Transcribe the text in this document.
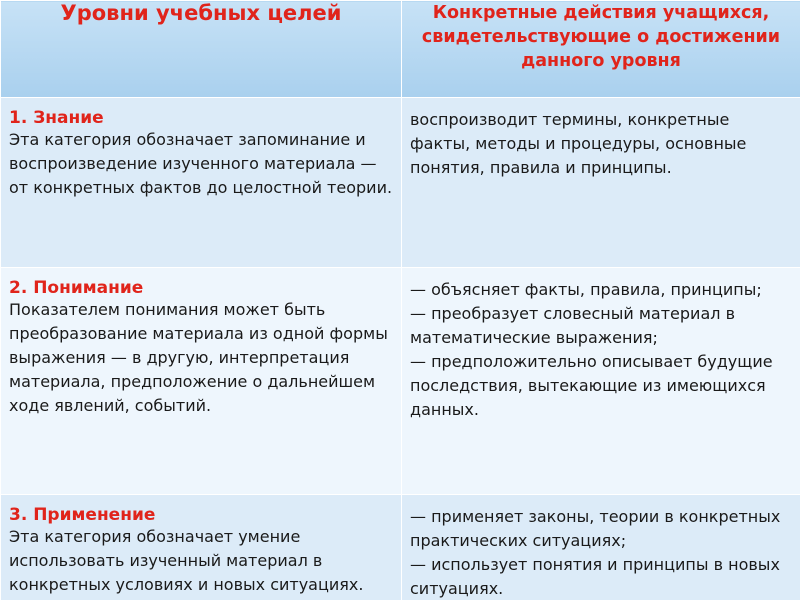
Уровни учебных целей	Конкретные действия учащихся, свидетельствующие о достижении данного уровня

1. Знание
Эта категория обозначает запоминание и воспроизведение изученного материала — от конкретных фактов до целостной теории.	воспроизводит термины, конкретные факты, методы и процедуры, основные понятия, правила и принципы.

2. Понимание
Показателем понимания может быть преобразование материала из одной формы выражения — в другую, интерпретация материала, предположение о дальнейшем ходе явлений, событий.	— объясняет факты, правила, принципы;
— преобразует словесный материал в математические выражения;
— предположительно описывает будущие последствия, вытекающие из имеющихся данных.

3. Применение
Эта категория обозначает умение использовать изученный материал в конкретных условиях и новых ситуациях.	— применяет законы, теории в конкретных практических ситуациях;
— использует понятия и принципы в новых ситуациях.
